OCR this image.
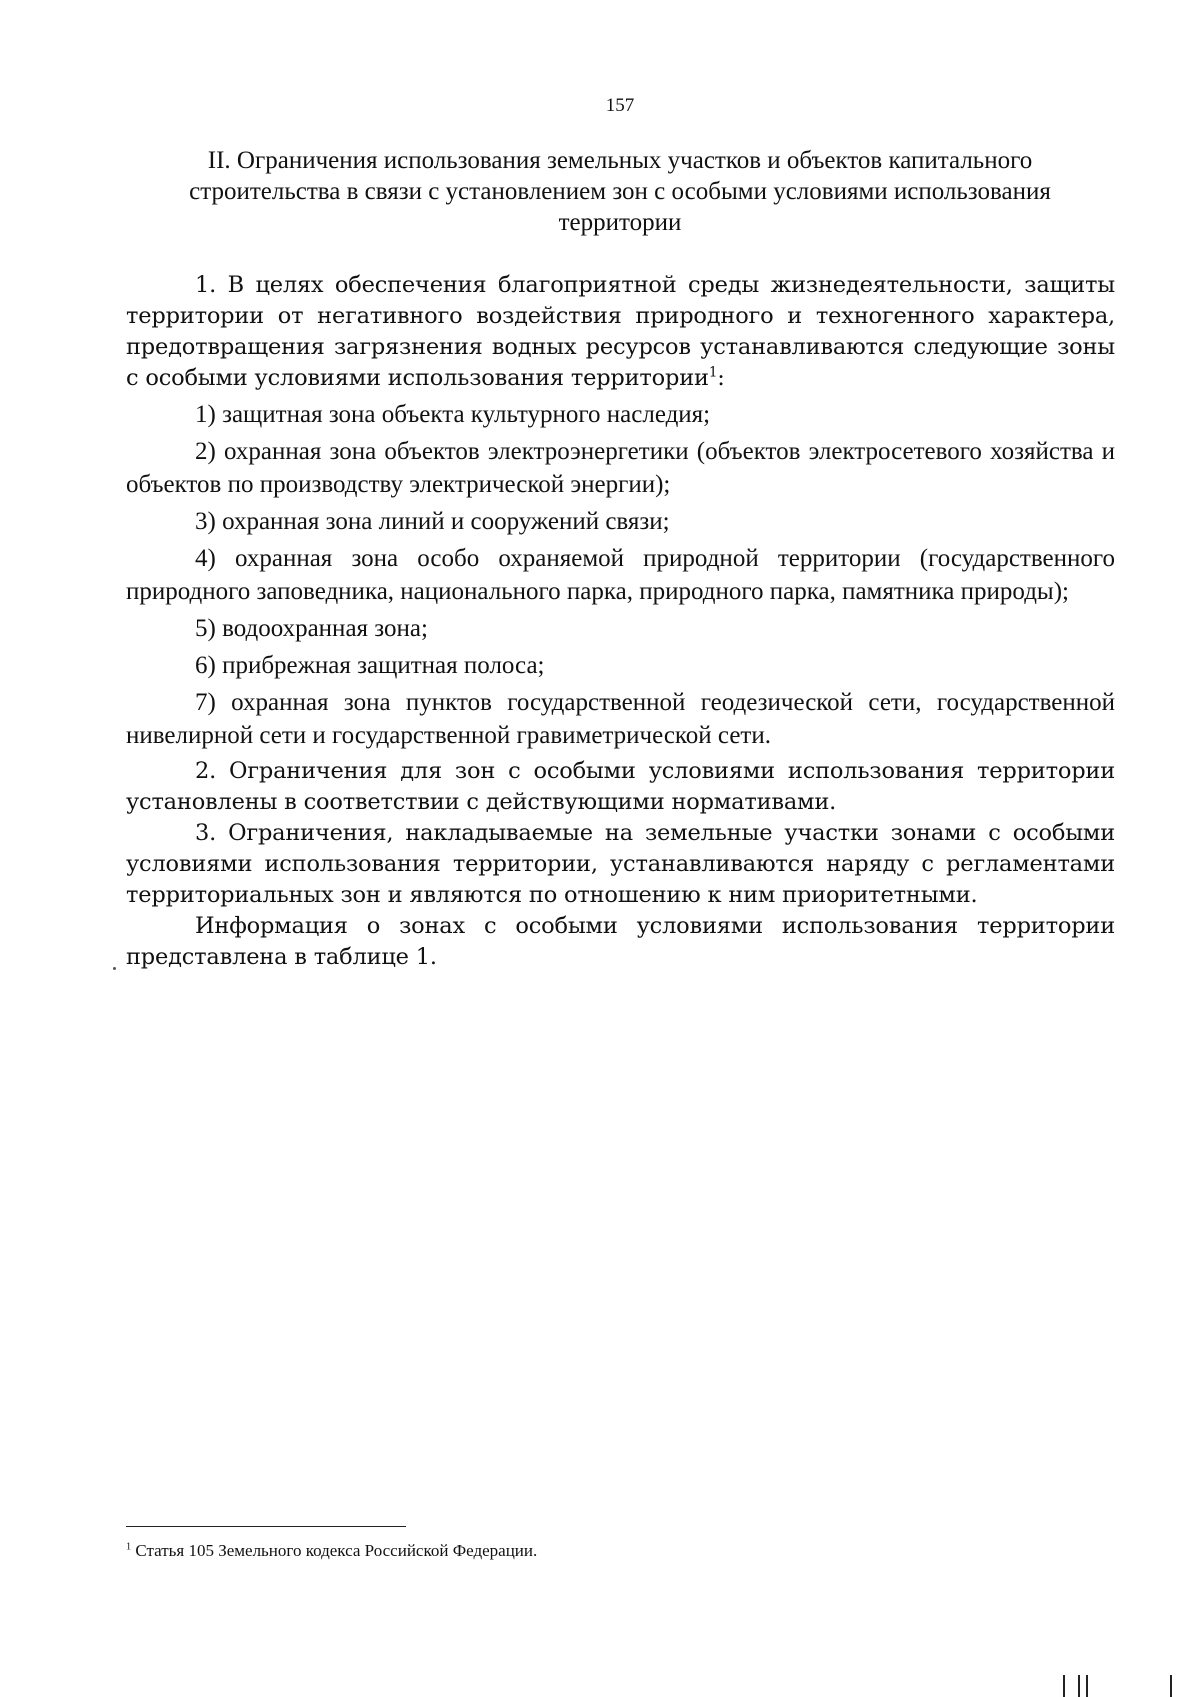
157
II. Ограничения использования земельных участков и объектов капитального строительства в связи с установлением зон с особыми условиями использования территории

1. В целях обеспечения благоприятной среды жизнедеятельности, защиты территории от негативного воздействия природного и техногенного характера, предотвращения загрязнения водных ресурсов устанавливаются следующие зоны с особыми условиями использования территории$^1$:

1) защитная зона объекта культурного наследия;

2) охранная зона объектов электроэнергетики (объектов электросетевого хозяйства и объектов по производству электрической энергии);

3) охранная зона линий и сооружений связи;

4) охранная зона особо охраняемой природной территории (государственного природного заповедника, национального парка, природного парка, памятника природы);

5) водоохранная зона;

6) прибрежная защитная полоса;

7) охранная зона пунктов государственной геодезической сети, государственной нивелирной сети и государственной гравиметрической сети.

2. Ограничения для зон с особыми условиями использования территории установлены в соответствии с действующими нормативами.

3. Ограничения, накладываемые на земельные участки зонами с особыми условиями использования территории, устанавливаются наряду с регламентами территориальных зон и являются по отношению к ним приоритетными.

Информация о зонах с особыми условиями использования территории представлена в таблице 1.

$^1$ Статья 105 Земельного кодекса Российской Федерации.
